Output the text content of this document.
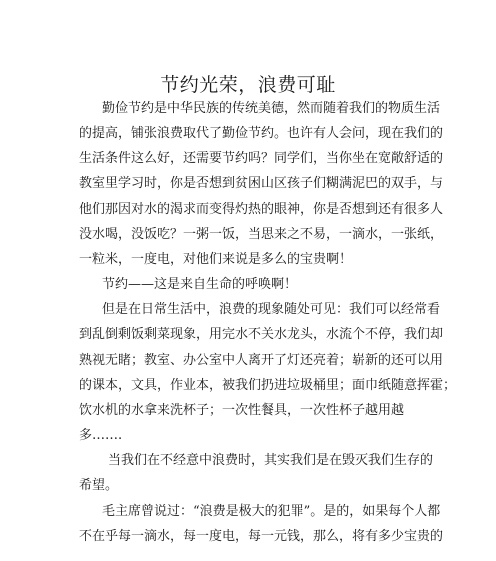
节约光荣，浪费可耻

勤俭节约是中华民族的传统美德，然而随着我们的物质生活
的提高，铺张浪费取代了勤俭节约。也许有人会问，现在我们的
生活条件这么好，还需要节约吗？同学们，当你坐在宽敞舒适的
教室里学习时，你是否想到贫困山区孩子们糊满泥巴的双手，与
他们那因对水的渴求而变得灼热的眼神，你是否想到还有很多人
没水喝，没饭吃？一粥一饭，当思来之不易，一滴水，一张纸，
一粒米，一度电，对他们来说是多么的宝贵啊！

节约——这是来自生命的呼唤啊！

但是在日常生活中，浪费的现象随处可见：我们可以经常看
到乱倒剩饭剩菜现象，用完水不关水龙头，水流个不停，我们却
熟视无睹；教室、办公室中人离开了灯还亮着；崭新的还可以用
的课本，文具，作业本，被我们扔进垃圾桶里；面巾纸随意挥霍；
饮水机的水拿来洗杯子；一次性餐具，一次性杯子越用越
多…….

当我们在不经意中浪费时，其实我们是在毁灭我们生存的
希望。

毛主席曾说过：“浪费是极大的犯罪”。是的，如果每个人都
不在乎每一滴水，每一度电，每一元钱，那么，将有多少宝贵的
